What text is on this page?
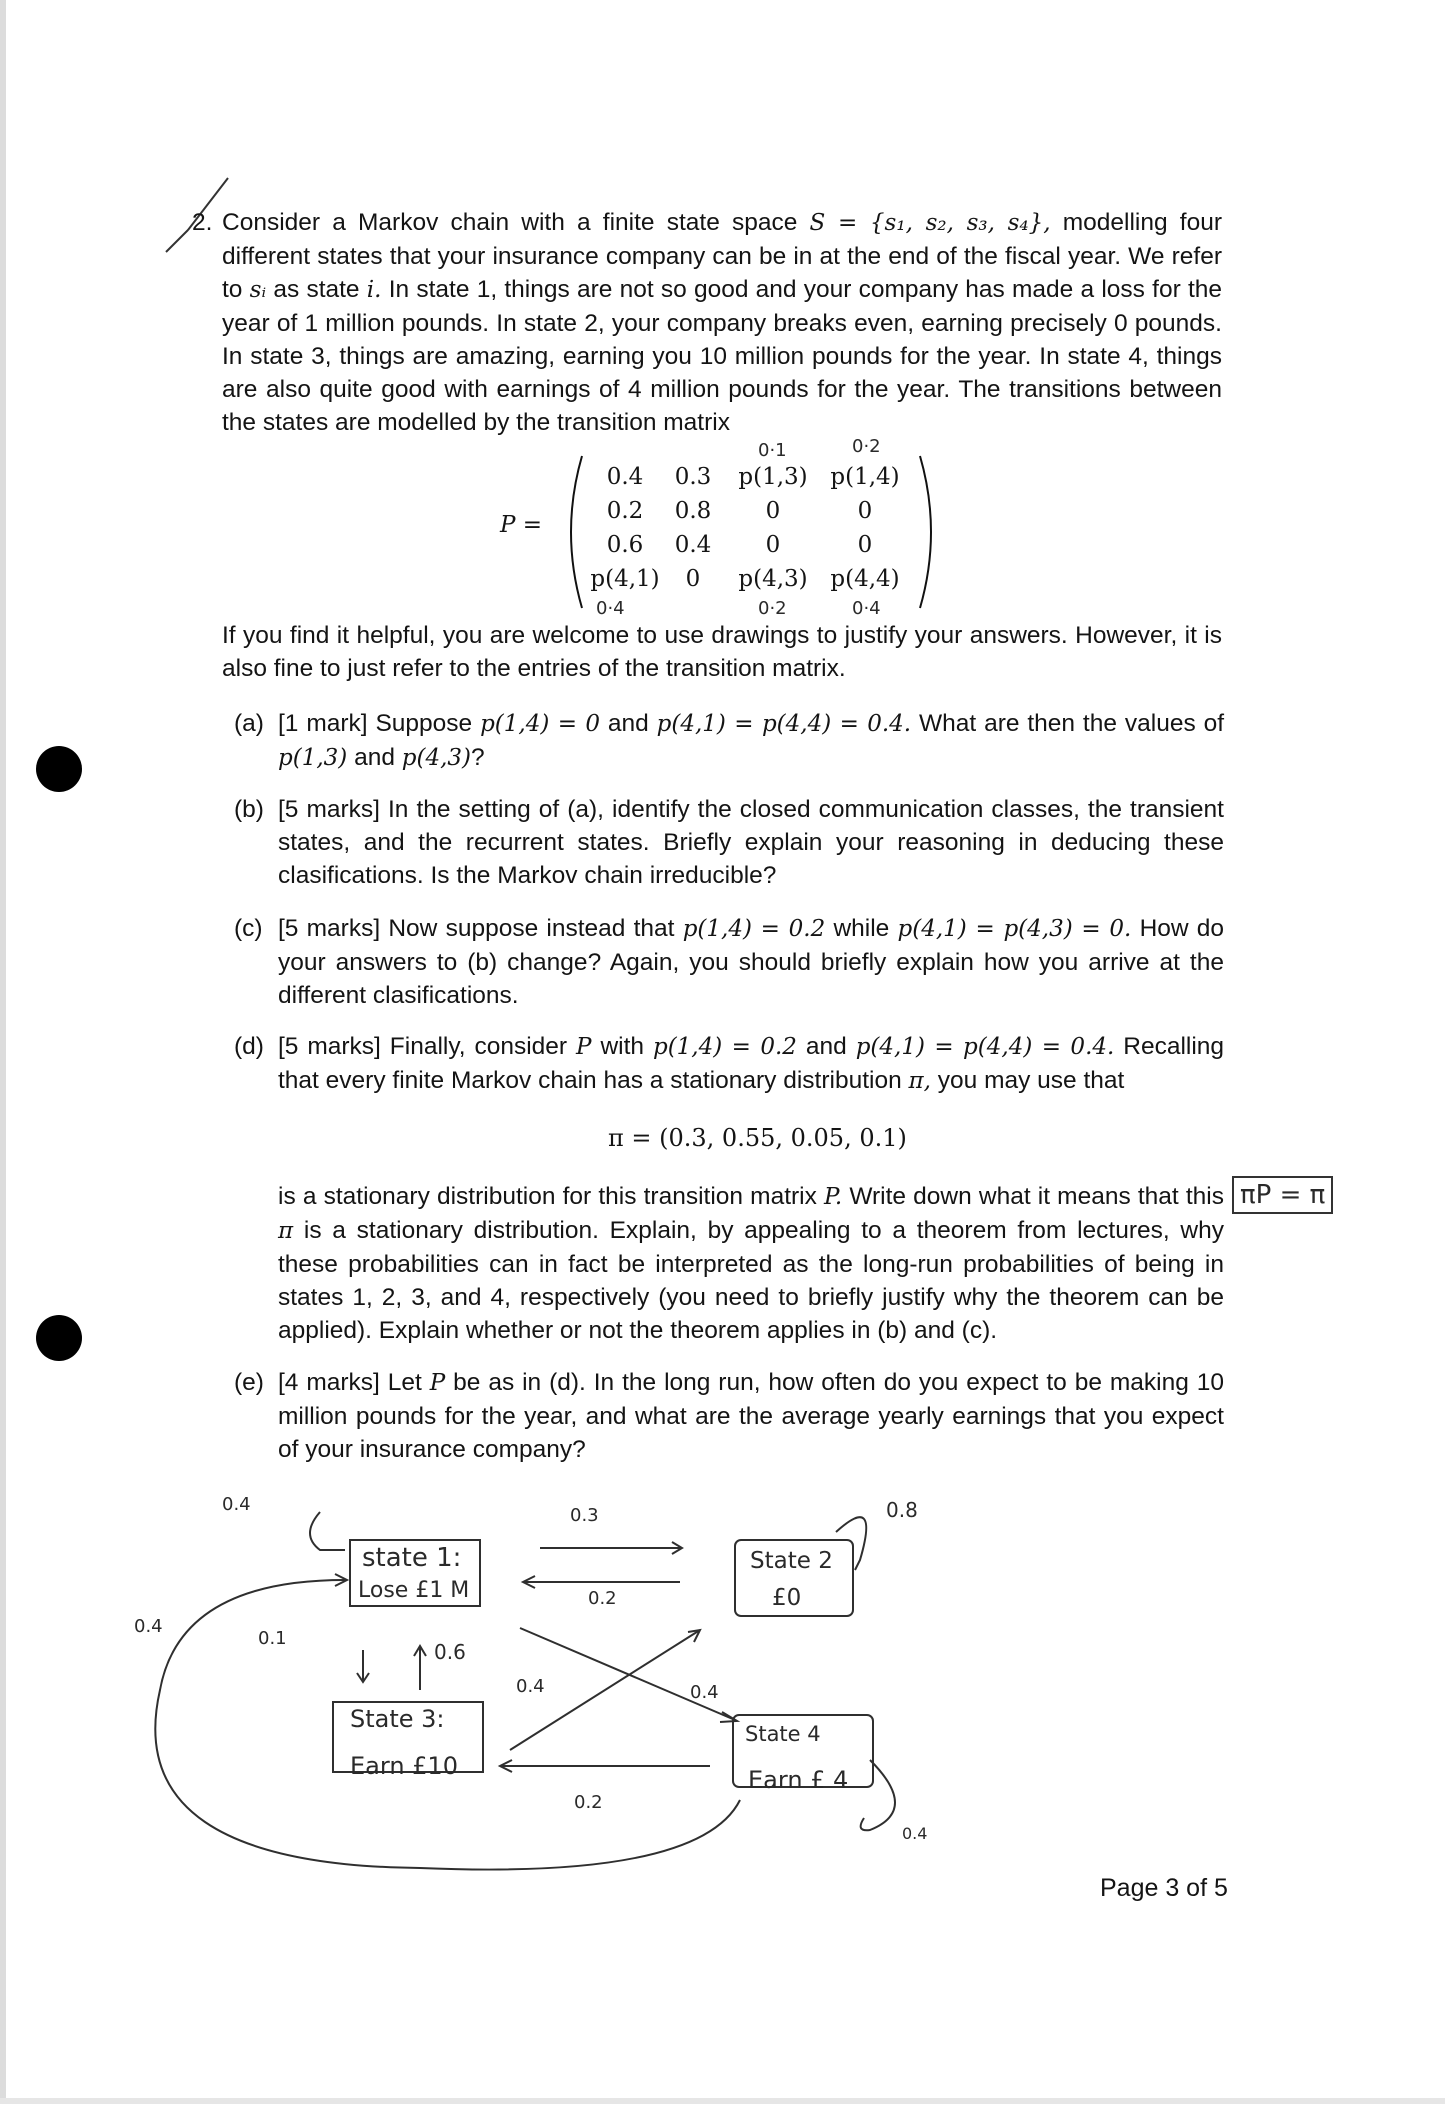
2. Consider a Markov chain with a finite state space S = {s₁, s₂, s₃, s₄}, modelling four different states that your insurance company can be in at the end of the fiscal year. We refer to sᵢ as state i. In state 1, things are not so good and your company has made a loss for the year of 1 million pounds. In state 2, your company breaks even, earning precisely 0 pounds. In state 3, things are amazing, earning you 10 million pounds for the year. In state 4, things are also quite good with earnings of 4 million pounds for the year. The transitions between the states are modelled by the transition matrix
P =
0.4	0.3	p(1,3) p(1,4)
0.2	0.8	0	0
0.6	0.4	0	0
p(4,1)	0	p(4,3) p(4,4)
0·1	0·2
0·4	0·2	0·4
If you find it helpful, you are welcome to use drawings to justify your answers. However, it is also fine to just refer to the entries of the transition matrix.
(a) [1 mark] Suppose p(1,4) = 0 and p(4,1) = p(4,4) = 0.4. What are then the values of p(1,3) and p(4,3)?
(b) [5 marks] In the setting of (a), identify the closed communication classes, the transient states, and the recurrent states. Briefly explain your reasoning in deducing these clasifications. Is the Markov chain irreducible?
(c) [5 marks] Now suppose instead that p(1,4) = 0.2 while p(4,1) = p(4,3) = 0. How do your answers to (b) change? Again, you should briefly explain how you arrive at the different clasifications.
(d) [5 marks] Finally, consider P with p(1,4) = 0.2 and p(4,1) = p(4,4) = 0.4. Recalling that every finite Markov chain has a stationary distribution π, you may use that
π = (0.3, 0.55, 0.05, 0.1)
is a stationary distribution for this transition matrix P. Write down what it means that this π is a stationary distribution. Explain, by appealing to a theorem from lectures, why these probabilities can in fact be interpreted as the long-run probabilities of being in states 1, 2, 3, and 4, respectively (you need to briefly justify why the theorem can be applied). Explain whether or not the theorem applies in (b) and (c).
πP = π
(e) [4 marks] Let P be as in (d). In the long run, how often do you expect to be making 10 million pounds for the year, and what are the average yearly earnings that you expect of your insurance company?
state 1:
Lose £1 M
State 2
£0
State 3:
Earn £10
State 4
Earn £ 4
0.4
0.1
0.6
0.3
0.2
0.8
0.4
0.4
0.4
0.2
0.4
Page 3 of 5
